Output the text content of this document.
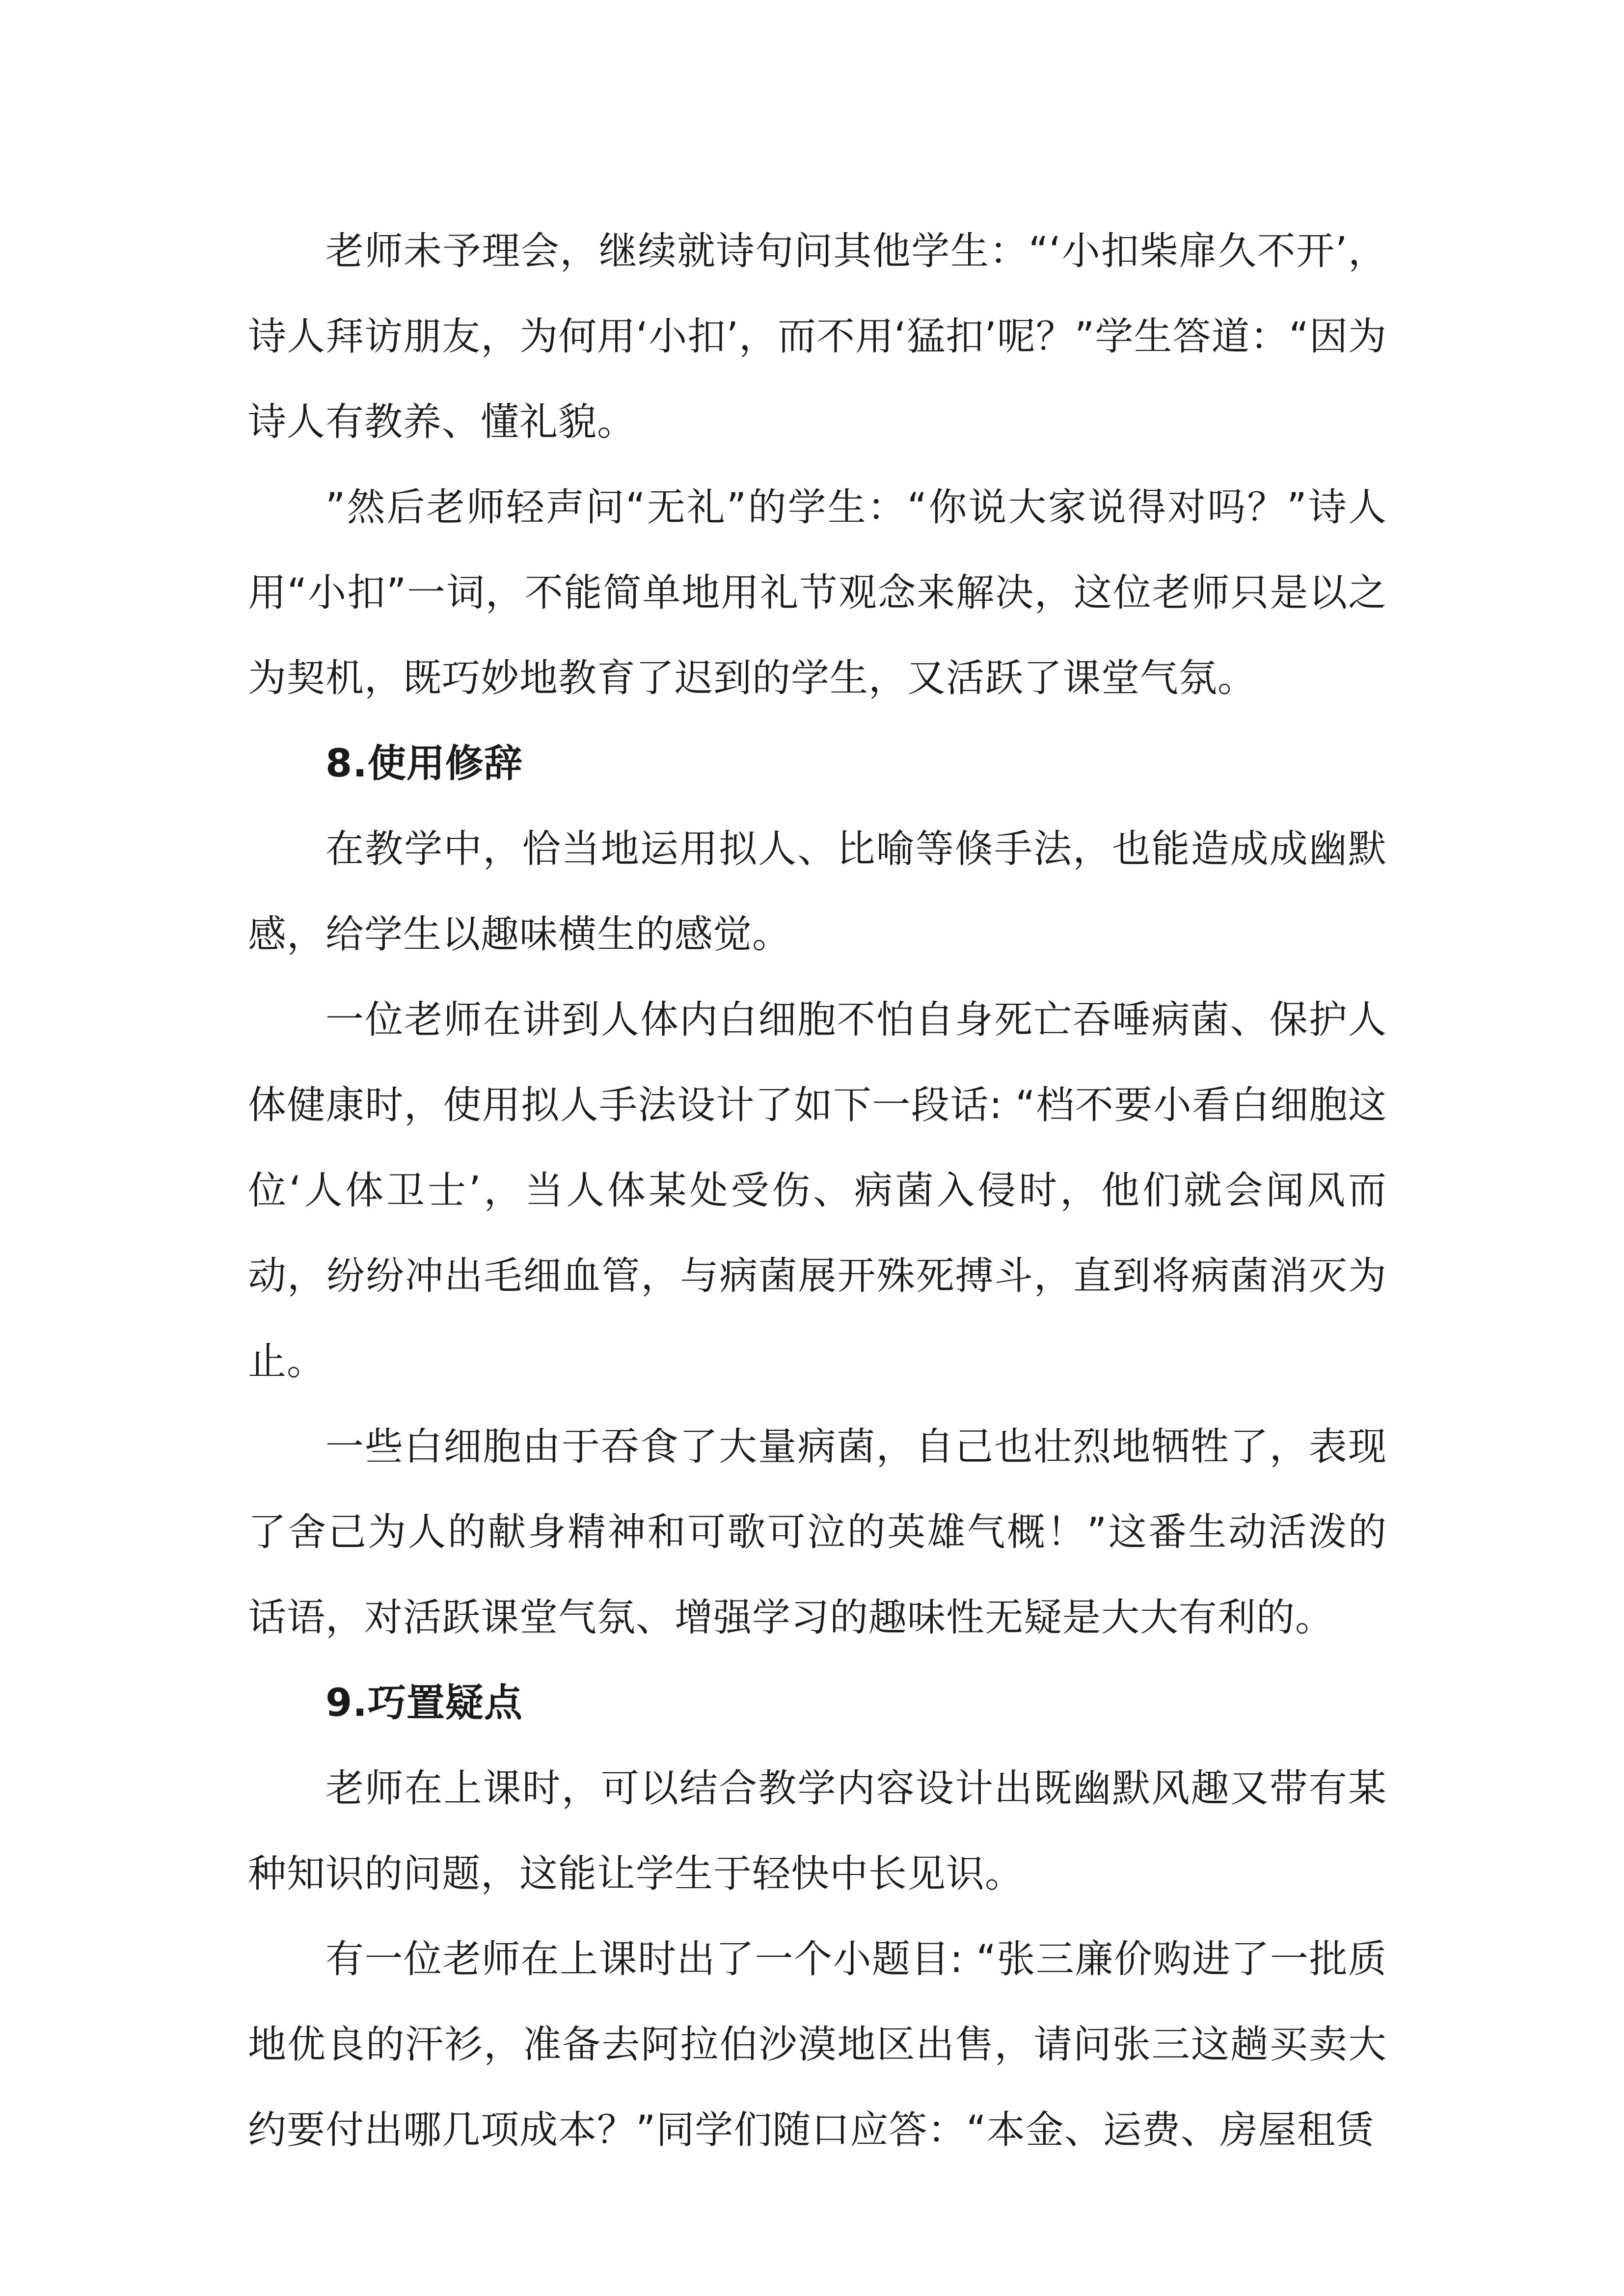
老师未予理会，继续就诗句问其他学生：“‘小扣柴扉久不开’，诗人拜访朋友，为何用‘小扣’，而不用‘猛扣’呢？”学生答道：“因为诗人有教养、懂礼貌。

”然后老师轻声问“无礼”的学生：“你说大家说得对吗？”诗人用“小扣”一词，不能简单地用礼节观念来解决，这位老师只是以之为契机，既巧妙地教育了迟到的学生，又活跃了课堂气氛。

8.使用修辞

在教学中，恰当地运用拟人、比喻等倏手法，也能造成成幽默感，给学生以趣味横生的感觉。

一位老师在讲到人体内白细胞不怕自身死亡吞唾病菌、保护人体健康时，使用拟人手法设计了如下一段话: “档不要小看白细胞这位‘人体卫士’，当人体某处受伤、病菌入侵时，他们就会闻风而动，纷纷冲出毛细血管，与病菌展开殊死搏斗，直到将病菌消灭为止。

一些白细胞由于吞食了大量病菌，自己也壮烈地牺牲了，表现了舍己为人的献身精神和可歌可泣的英雄气概！”这番生动活泼的话语，对活跃课堂气氛、增强学习的趣味性无疑是大大有利的。

9.巧置疑点

老师在上课时，可以结合教学内容设计出既幽默风趣又带有某种知识的问题，这能让学生于轻快中长见识。

有一位老师在上课时出了一个小题目: “张三廉价购进了一批质地优良的汗衫，准备去阿拉伯沙漠地区出售，请问张三这趟买卖大约要付出哪几项成本？”同学们随口应答：“本金、运费、房屋租赁
